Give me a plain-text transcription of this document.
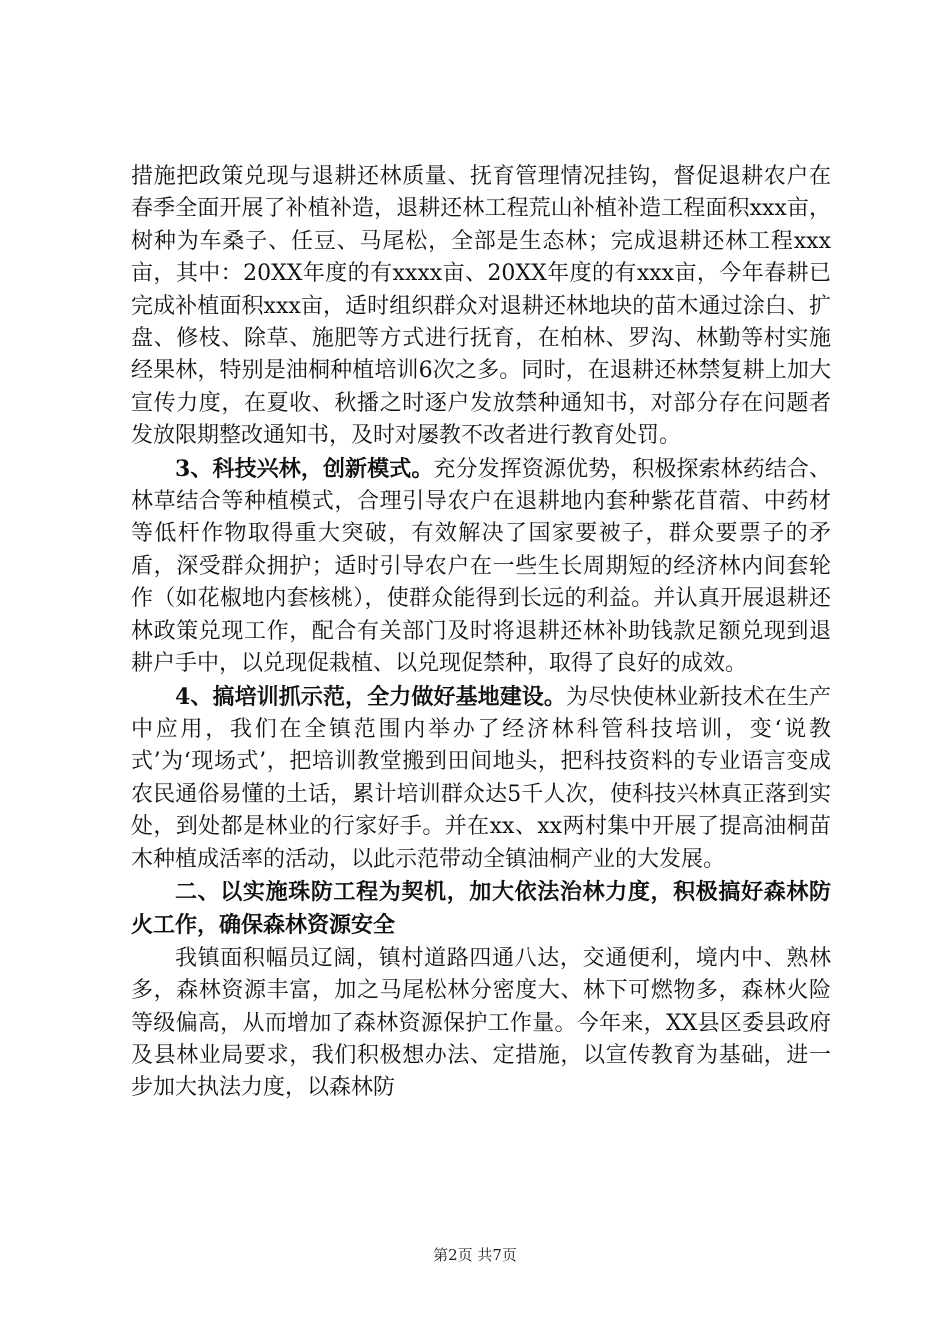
措施把政策兑现与退耕还林质量、抚育管理情况挂钩，督促退耕农户在春季全面开展了补植补造，退耕还林工程荒山补植补造工程面积xxx亩，树种为车桑子、任豆、马尾松，全部是生态林；完成退耕还林工程xxx亩，其中：20XX年度的有xxxx亩、20XX年度的有xxx亩，今年春耕已完成补植面积xxx亩，适时组织群众对退耕还林地块的苗木通过涂白、扩盘、修枝、除草、施肥等方式进行抚育，在柏林、罗沟、林勤等村实施经果林，特别是油桐种植培训6次之多。同时，在退耕还林禁复耕上加大宣传力度，在夏收、秋播之时逐户发放禁种通知书，对部分存在问题者发放限期整改通知书，及时对屡教不改者进行教育处罚。

3、科技兴林，创新模式。充分发挥资源优势，积极探索林药结合、林草结合等种植模式，合理引导农户在退耕地内套种紫花苜蓿、中药材等低杆作物取得重大突破，有效解决了国家要被子，群众要票子的矛盾，深受群众拥护；适时引导农户在一些生长周期短的经济林内间套轮作（如花椒地内套核桃），使群众能得到长远的利益。并认真开展退耕还林政策兑现工作，配合有关部门及时将退耕还林补助钱款足额兑现到退耕户手中，以兑现促栽植、以兑现促禁种，取得了良好的成效。

4、搞培训抓示范，全力做好基地建设。为尽快使林业新技术在生产中应用，我们在全镇范围内举办了经济林科管科技培训，变‘说教式’为‘现场式’，把培训教堂搬到田间地头，把科技资料的专业语言变成农民通俗易懂的土话，累计培训群众达5千人次，使科技兴林真正落到实处，到处都是林业的行家好手。并在xx、xx两村集中开展了提高油桐苗木种植成活率的活动，以此示范带动全镇油桐产业的大发展。

二、以实施珠防工程为契机，加大依法治林力度，积极搞好森林防火工作，确保森林资源安全

我镇面积幅员辽阔，镇村道路四通八达，交通便利，境内中、熟林多，森林资源丰富，加之马尾松林分密度大、林下可燃物多，森林火险等级偏高，从而增加了森林资源保护工作量。今年来，XX县区委县政府及县林业局要求，我们积极想办法、定措施，以宣传教育为基础，进一步加大执法力度，以森林防

第2页 共7页
